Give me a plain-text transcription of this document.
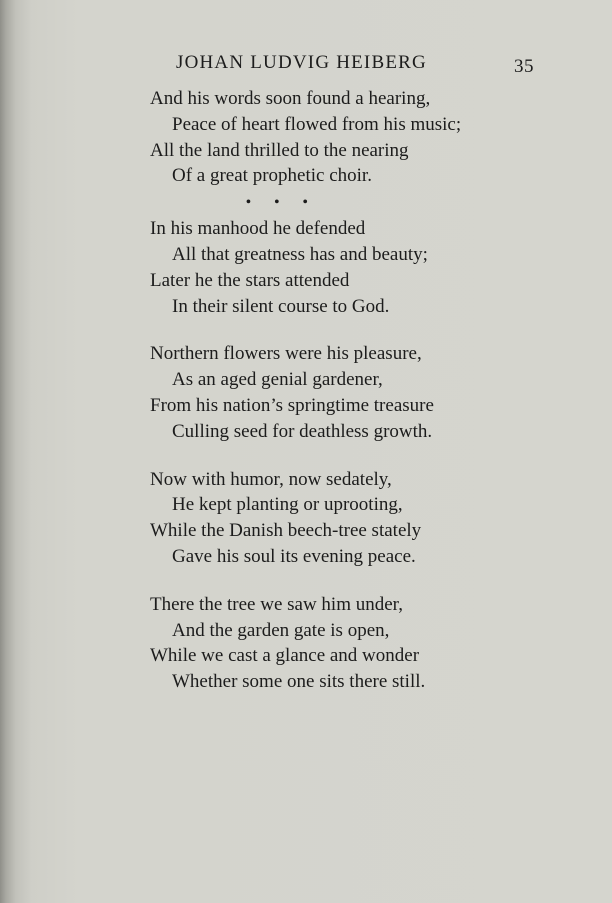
JOHAN LUDVIG HEIBERG	35
And his words soon found a hearing,
Peace of heart flowed from his music;
All the land thrilled to the nearing
Of a great prophetic choir.
• • •
In his manhood he defended
All that greatness has and beauty;
Later he the stars attended
In their silent course to God.
Northern flowers were his pleasure,
As an aged genial gardener,
From his nation’s springtime treasure
Culling seed for deathless growth.
Now with humor, now sedately,
He kept planting or uprooting,
While the Danish beech-tree stately
Gave his soul its evening peace.
There the tree we saw him under,
And the garden gate is open,
While we cast a glance and wonder
Whether some one sits there still.
